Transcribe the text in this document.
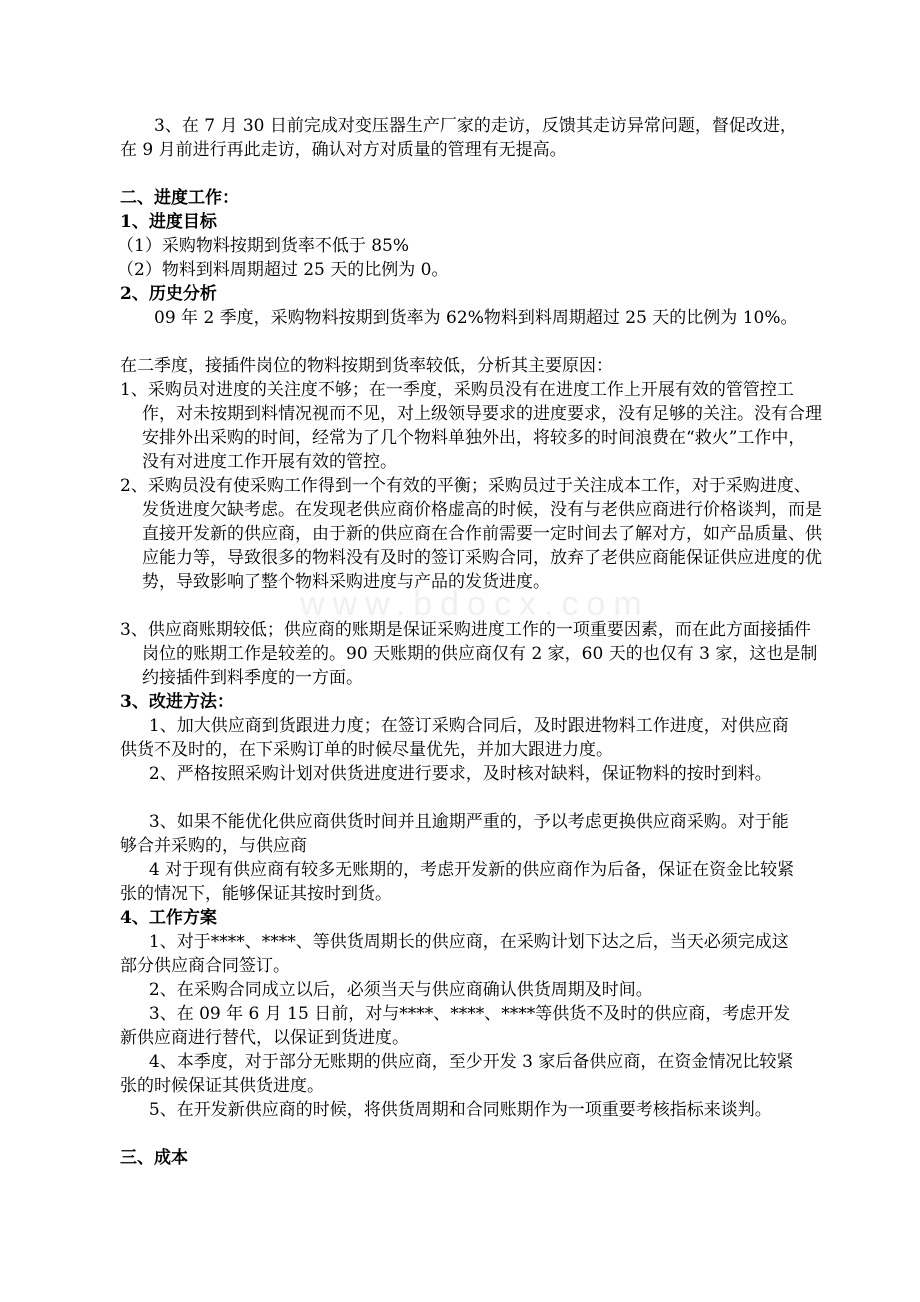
www.bdocx.com

3、在 7 月 30 日前完成对变压器生产厂家的走访，反馈其走访异常问题，督促改进，在 9 月前进行再此走访，确认对方对质量的管理有无提高。

二、进度工作：

1、进度目标

（1）采购物料按期到货率不低于 85%

（2）物料到料周期超过 25 天的比例为 0。

2、历史分析

09 年 2 季度，采购物料按期到货率为 62%物料到料周期超过 25 天的比例为 10%。

在二季度，接插件岗位的物料按期到货率较低，分析其主要原因：

1、采购员对进度的关注度不够；在一季度，采购员没有在进度工作上开展有效的管管控工作，对未按期到料情况视而不见，对上级领导要求的进度要求，没有足够的关注。没有合理安排外出采购的时间，经常为了几个物料单独外出，将较多的时间浪费在“救火”工作中，没有对进度工作开展有效的管控。

2、采购员没有使采购工作得到一个有效的平衡；采购员过于关注成本工作，对于采购进度、发货进度欠缺考虑。在发现老供应商价格虚高的时候，没有与老供应商进行价格谈判，而是直接开发新的供应商，由于新的供应商在合作前需要一定时间去了解对方，如产品质量、供应能力等，导致很多的物料没有及时的签订采购合同，放弃了老供应商能保证供应进度的优势，导致影响了整个物料采购进度与产品的发货进度。

3、供应商账期较低；供应商的账期是保证采购进度工作的一项重要因素，而在此方面接插件岗位的账期工作是较差的。90 天账期的供应商仅有 2 家，60 天的也仅有 3 家，这也是制约接插件到料季度的一方面。

3、改进方法：

1、加大供应商到货跟进力度；在签订采购合同后，及时跟进物料工作进度，对供应商供货不及时的，在下采购订单的时候尽量优先，并加大跟进力度。

2、严格按照采购计划对供货进度进行要求，及时核对缺料，保证物料的按时到料。

3、如果不能优化供应商供货时间并且逾期严重的，予以考虑更换供应商采购。对于能够合并采购的，与供应商

4 对于现有供应商有较多无账期的，考虑开发新的供应商作为后备，保证在资金比较紧张的情况下，能够保证其按时到货。

4、工作方案

1、对于****、****、等供货周期长的供应商，在采购计划下达之后，当天必须完成这部分供应商合同签订。

2、在采购合同成立以后，必须当天与供应商确认供货周期及时间。

3、在 09 年 6 月 15 日前，对与****、****、****等供货不及时的供应商，考虑开发新供应商进行替代，以保证到货进度。

4、本季度，对于部分无账期的供应商，至少开发 3 家后备供应商，在资金情况比较紧张的时候保证其供货进度。

5、在开发新供应商的时候，将供货周期和合同账期作为一项重要考核指标来谈判。

三、成本
